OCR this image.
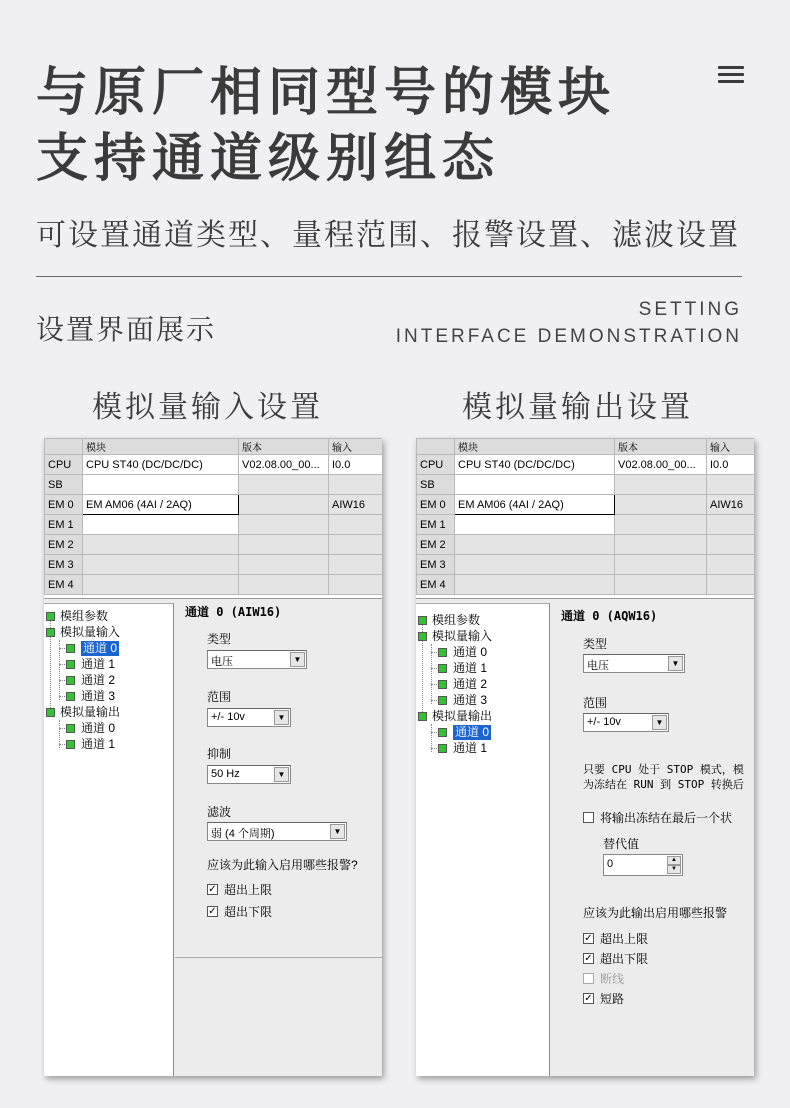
与原厂相同型号的模块
支持通道级别组态
可设置通道类型、量程范围、报警设置、滤波设置
设置界面展示
SETTING
INTERFACE DEMONSTRATION
模拟量输入设置	模拟量输出设置
	模块	版本	输入
CPU	CPU ST40 (DC/DC/DC)	V02.08.00_00...	I0.0
SB			
EM 0	EM AM06 (4AI / 2AQ)		AIW16
EM 1			
EM 2			
EM 3			
EM 4			
模组参数
模拟量输入
通道 0
通道 1
通道 2
通道 3
模拟量输出
通道 0
通道 1
通道 0 (AIW16)
类型
电压	▼
范围
+/- 10v	▼
抑制
50 Hz	▼
滤波
弱 (4 个周期)	▼
应该为此输入启用哪些报警?
✓ 超出上限
✓ 超出下限
	模块	版本	输入
CPU	CPU ST40 (DC/DC/DC)	V02.08.00_00...	I0.0
SB			
EM 0	EM AM06 (4AI / 2AQ)		AIW16
EM 1			
EM 2			
EM 3			
EM 4			
模组参数
模拟量输入
通道 0
通道 1
通道 2
通道 3
模拟量输出
通道 0
通道 1
通道 0 (AQW16)
类型
电压	▼
范围
+/- 10v	▼
只要 CPU 处于 STOP 模式，模
为冻结在 RUN 到 STOP 转换后
将输出冻结在最后一个状
替代值
0	▲
▼
应该为此输出启用哪些报警
✓ 超出上限
✓ 超出下限
断线
✓ 短路
